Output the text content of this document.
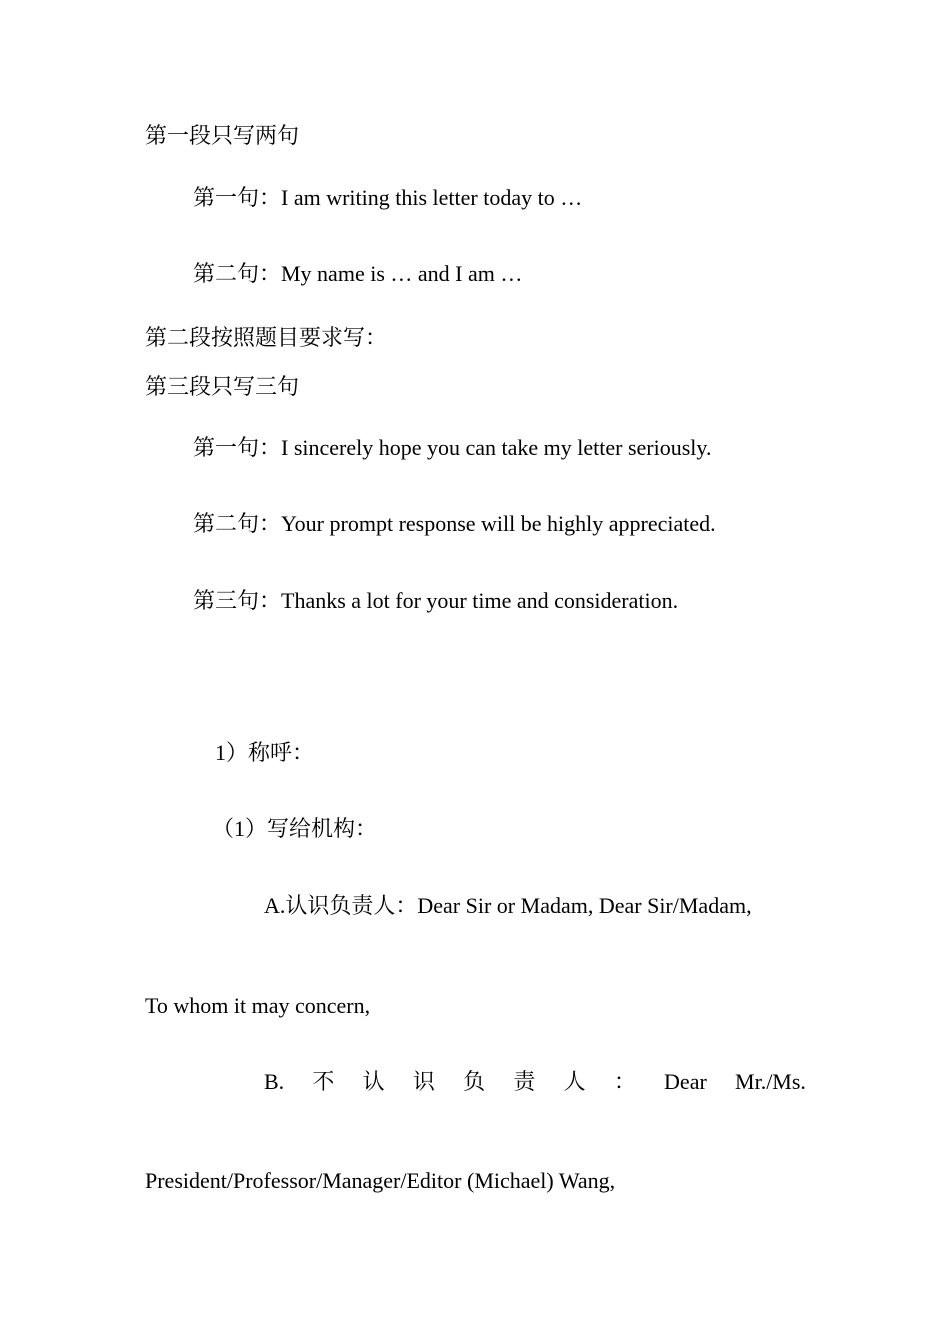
第一段只写两句
第一句：I am writing this letter today to …
第二句：My name is … and I am …
第二段按照题目要求写：
第三段只写三句
第一句：I sincerely hope you can take my letter seriously.
第二句：Your prompt response will be highly appreciated.
第三句：Thanks a lot for your time and consideration.
1）称呼：
（1）写给机构：
A.认识负责人：Dear Sir or Madam, Dear Sir/Madam,
To whom it may concern,
B. 不 认 识 负 责 人 ： Dear Mr./Ms.
President/Professor/Manager/Editor (Michael) Wang,
